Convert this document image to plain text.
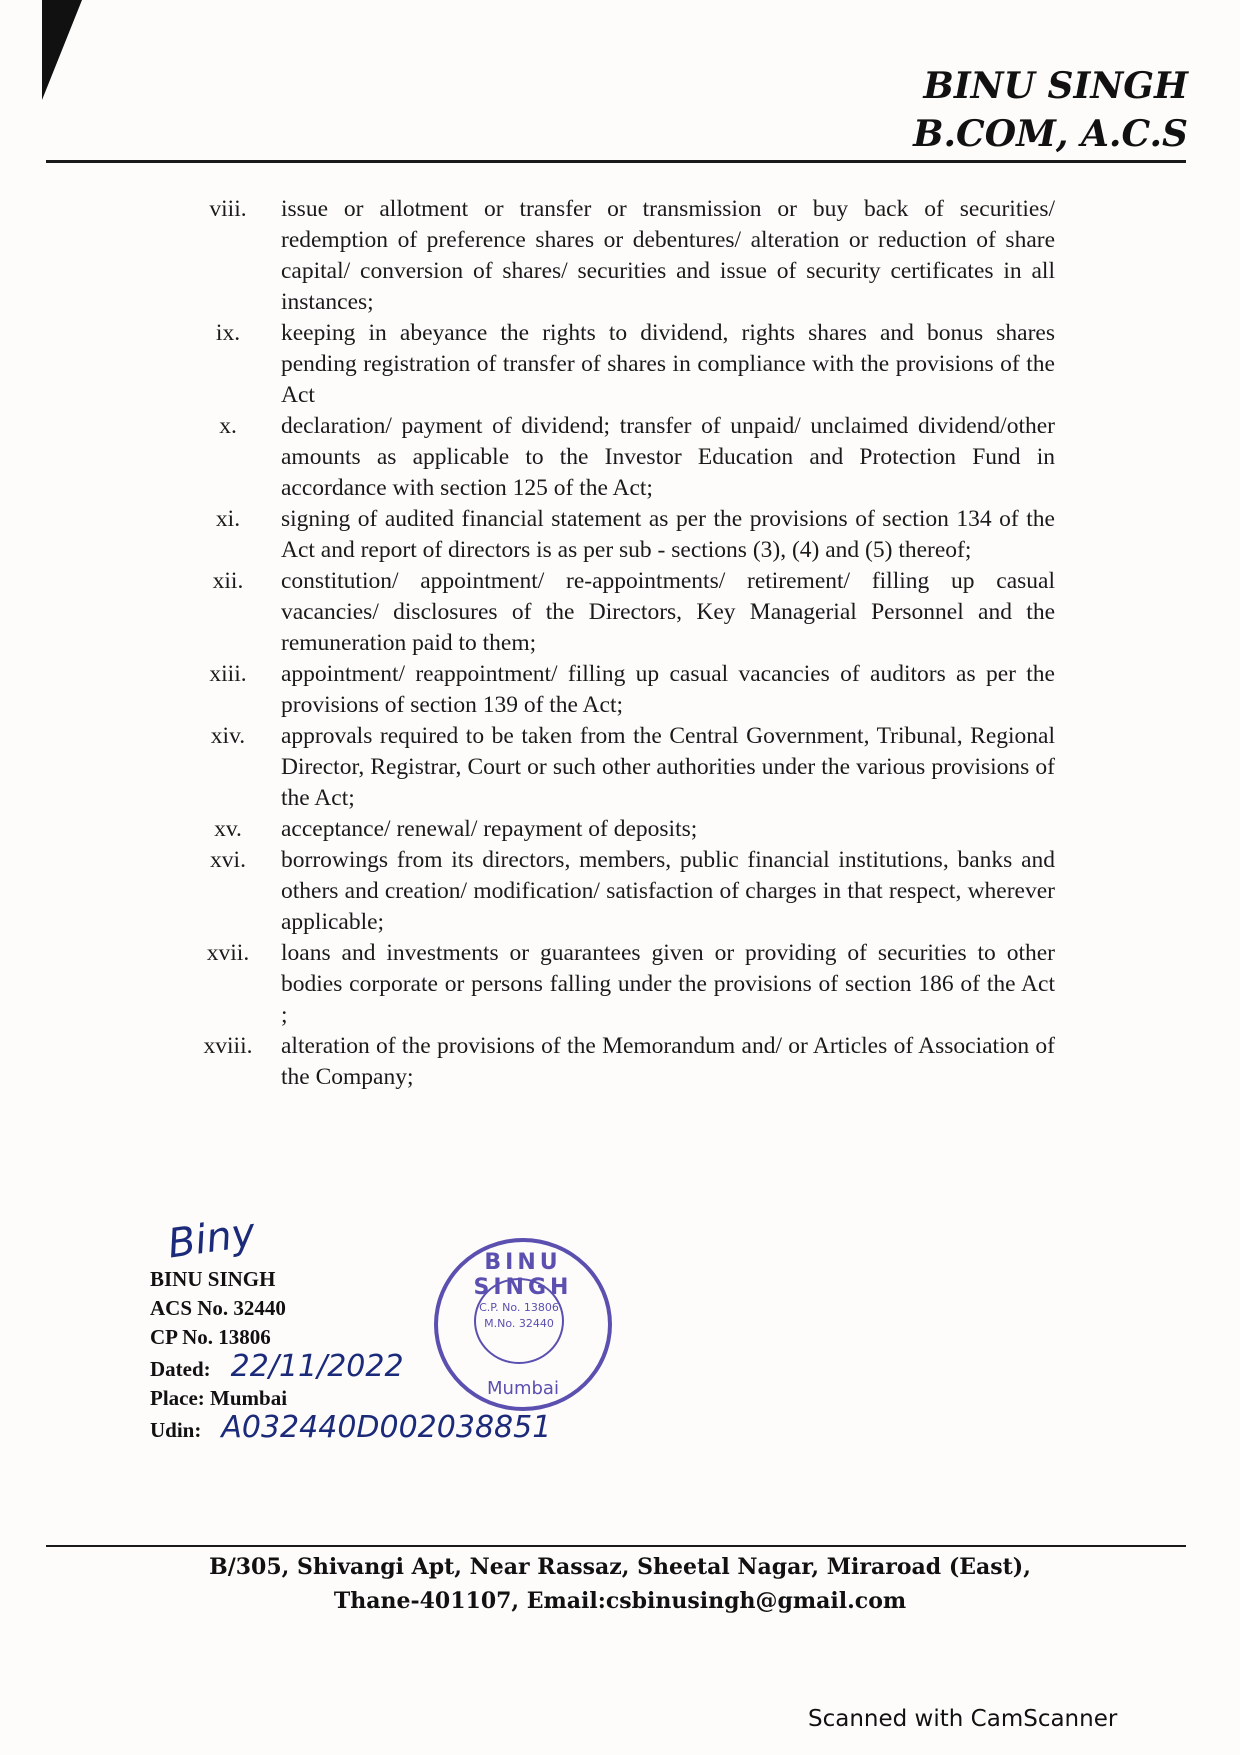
BINU SINGH
B.COM, A.C.S
viii.	issue or allotment or transfer or transmission or buy back of securities/ redemption of preference shares or debentures/ alteration or reduction of share capital/ conversion of shares/ securities and issue of security certificates in all instances;
ix.	keeping in abeyance the rights to dividend, rights shares and bonus shares pending registration of transfer of shares in compliance with the provisions of the Act
x.	declaration/ payment of dividend; transfer of unpaid/ unclaimed dividend/other amounts as applicable to the Investor Education and Protection Fund in accordance with section 125 of the Act;
xi.	signing of audited financial statement as per the provisions of section 134 of the Act and report of directors is as per sub - sections (3), (4) and (5) thereof;
xii.	constitution/ appointment/ re-appointments/ retirement/ filling up casual vacancies/ disclosures of the Directors, Key Managerial Personnel and the remuneration paid to them;
xiii.	appointment/ reappointment/ filling up casual vacancies of auditors as per the provisions of section 139 of the Act;
xiv.	approvals required to be taken from the Central Government, Tribunal, Regional Director, Registrar, Court or such other authorities under the various provisions of the Act;
xv.	acceptance/ renewal/ repayment of deposits;
xvi.	borrowings from its directors, members, public financial institutions, banks and others and creation/ modification/ satisfaction of charges in that respect, wherever applicable;
xvii.	loans and investments or guarantees given or providing of securities to other bodies corporate or persons falling under the provisions of section 186 of the Act ;
xviii.	alteration of the provisions of the Memorandum and/ or Articles of Association of the Company;
Biny
BINU SINGH
ACS No. 32440
CP No. 13806
Dated: 22/11/2022
Place: Mumbai
Udin: A032440D002038851
BINU SINGH
C.P. No. 13806
M.No. 32440
Mumbai
B/305, Shivangi Apt, Near Rassaz, Sheetal Nagar, Miraroad (East),
Thane-401107, Email:csbinusingh@gmail.com
Scanned with CamScanner
